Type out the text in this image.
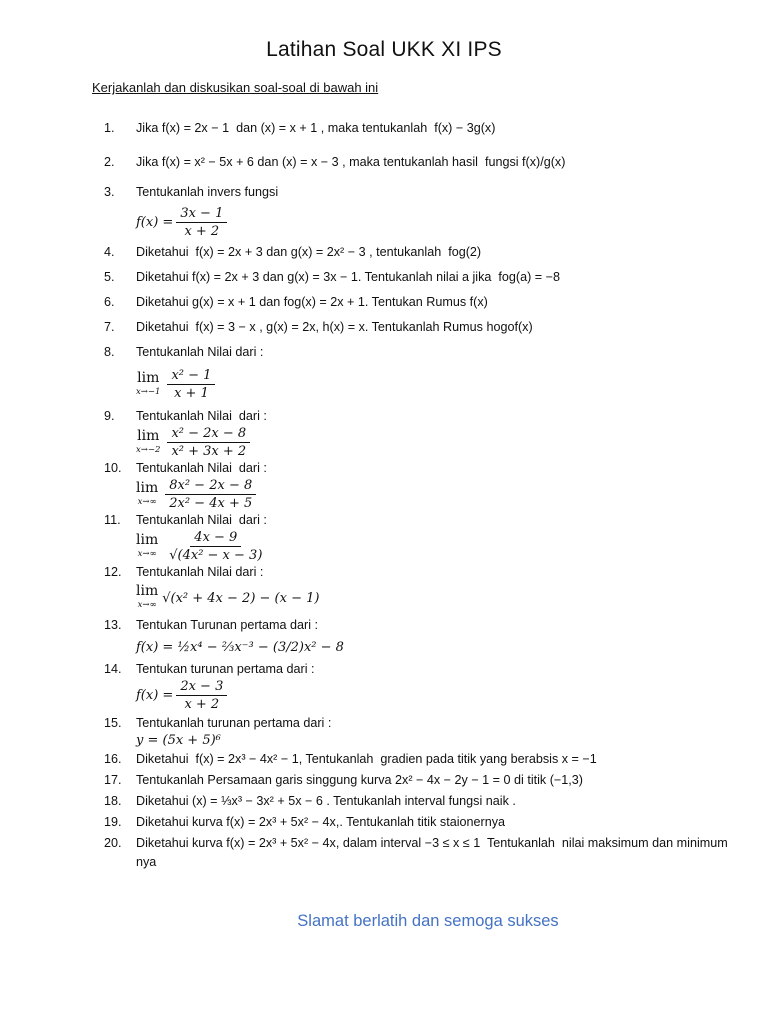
Latihan Soal UKK XI IPS
Kerjakanlah dan diskusikan soal-soal di bawah ini
1.	Jika f(x) = 2x − 1  dan (x) = x + 1 , maka tentukanlah  f(x) − 3g(x)
2.	Jika f(x) = x² − 5x + 6 dan (x) = x − 3 , maka tentukanlah hasil  fungsi f(x)/g(x)
3.	Tentukanlah invers fungsi
$f(x) = \frac{3x - 1}{x + 2}$
4.	Diketahui  f(x) = 2x + 3 dan g(x) = 2x² − 3 , tentukanlah  fog(2)
5.	Diketahui f(x) = 2x + 3 dan g(x) = 3x − 1. Tentukanlah nilai a jika  fog(a) = −8
6.	Diketahui g(x) = x + 1 dan fog(x) = 2x + 1. Tentukan Rumus f(x)
7.	Diketahui  f(x) = 3 − x , g(x) = 2x, h(x) = x. Tentukanlah Rumus hogof(x)
8.	Tentukanlah Nilai dari :
lim
$x\to-1 \frac{\text{x² − 1}}{x + 1}$
9.	Tentukanlah Nilai  dari :
lim
$x\to-2 \frac{\text{x² − 2x − 8}}{\text{x² + 3x + 2}}$
10.	Tentukanlah Nilai  dari :
lim
$x\to\infty \frac{\text{8x² − 2x − 8}}{\text{2x² − 4x + 5}}$
11.	Tentukanlah Nilai  dari :
lim
$x\to\infty \frac{4x - 9}{\text{√(4x² − x − 3)}}$
12.	Tentukanlah Nilai dari :
lim
x→∞ √(x² + 4x − 2) − (x − 1)
13.	Tentukan Turunan pertama dari :
f(x) = ½x⁴ − ⅔x⁻³ − (3/2)x² − 8
14.	Tentukan turunan pertama dari :
$f(x) = \frac{2x - 3}{x + 2}$
15.	Tentukanlah turunan pertama dari :
y = (5x + 5)⁶
16.	Diketahui  f(x) = 2x³ − 4x² − 1, Tentukanlah  gradien pada titik yang berabsis x = −1
17.	Tentukanlah Persamaan garis singgung kurva 2x² − 4x − 2y − 1 = 0 di titik (−1,3)
18.	Diketahui (x) = ⅓x³ − 3x² + 5x − 6 . Tentukanlah interval fungsi naik .
19.	Diketahui kurva f(x) = 2x³ + 5x² − 4x,. Tentukanlah titik staionernya
20.	Diketahui kurva f(x) = 2x³ + 5x² − 4x, dalam interval −3 ≤ x ≤ 1  Tentukanlah  nilai maksimum dan minimum nya
Slamat berlatih dan semoga sukses
